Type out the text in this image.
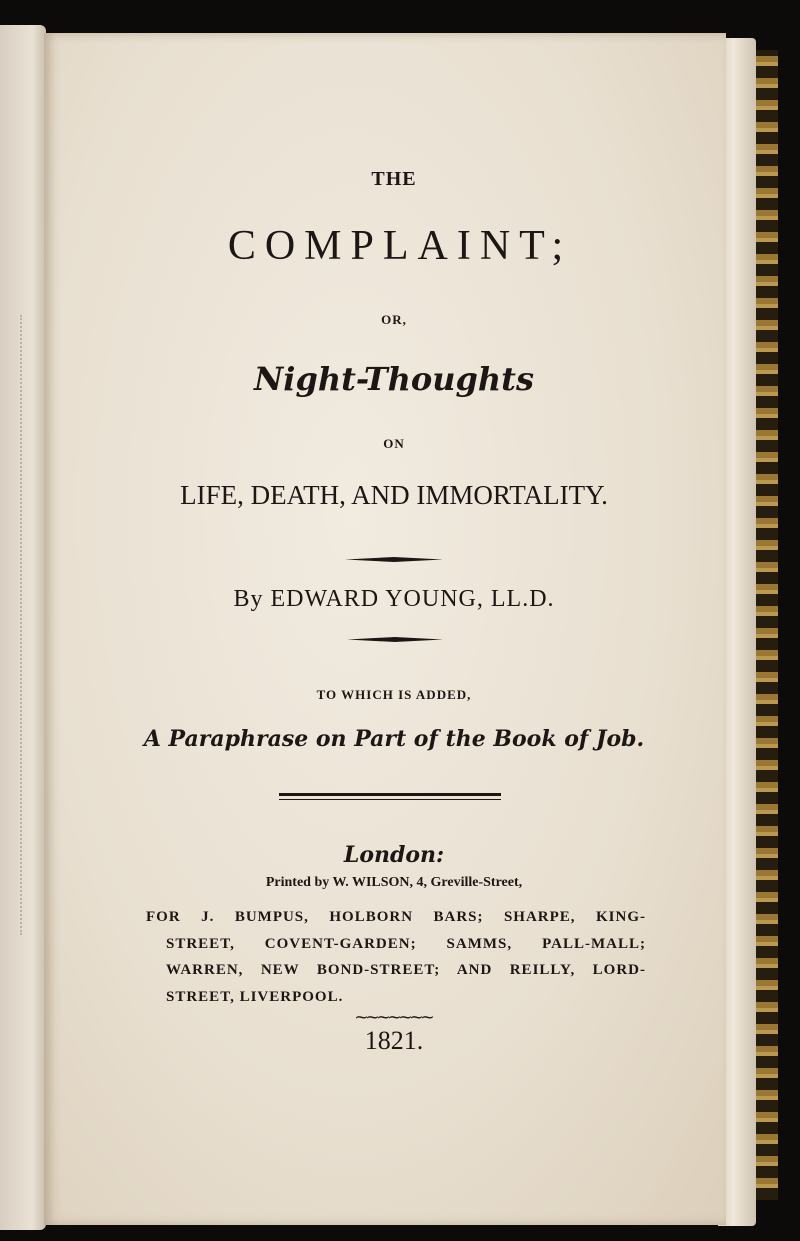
THE
COMPLAINT;
OR,
Night-Thoughts
ON
LIFE, DEATH, AND IMMORTALITY.
By EDWARD YOUNG, LL.D.
TO WHICH IS ADDED,
A Paraphrase on Part of the Book of Job.
London:
Printed by W. WILSON, 4, Greville-Street,
FOR J. BUMPUS, HOLBORN BARS; SHARPE, KING-
STREET, COVENT-GARDEN; SAMMS, PALL-MALL;
WARREN, NEW BOND-STREET; AND REILLY, LORD-
STREET, LIVERPOOL.
⁓⁓⁓⁓⁓⁓⁓
1821.
